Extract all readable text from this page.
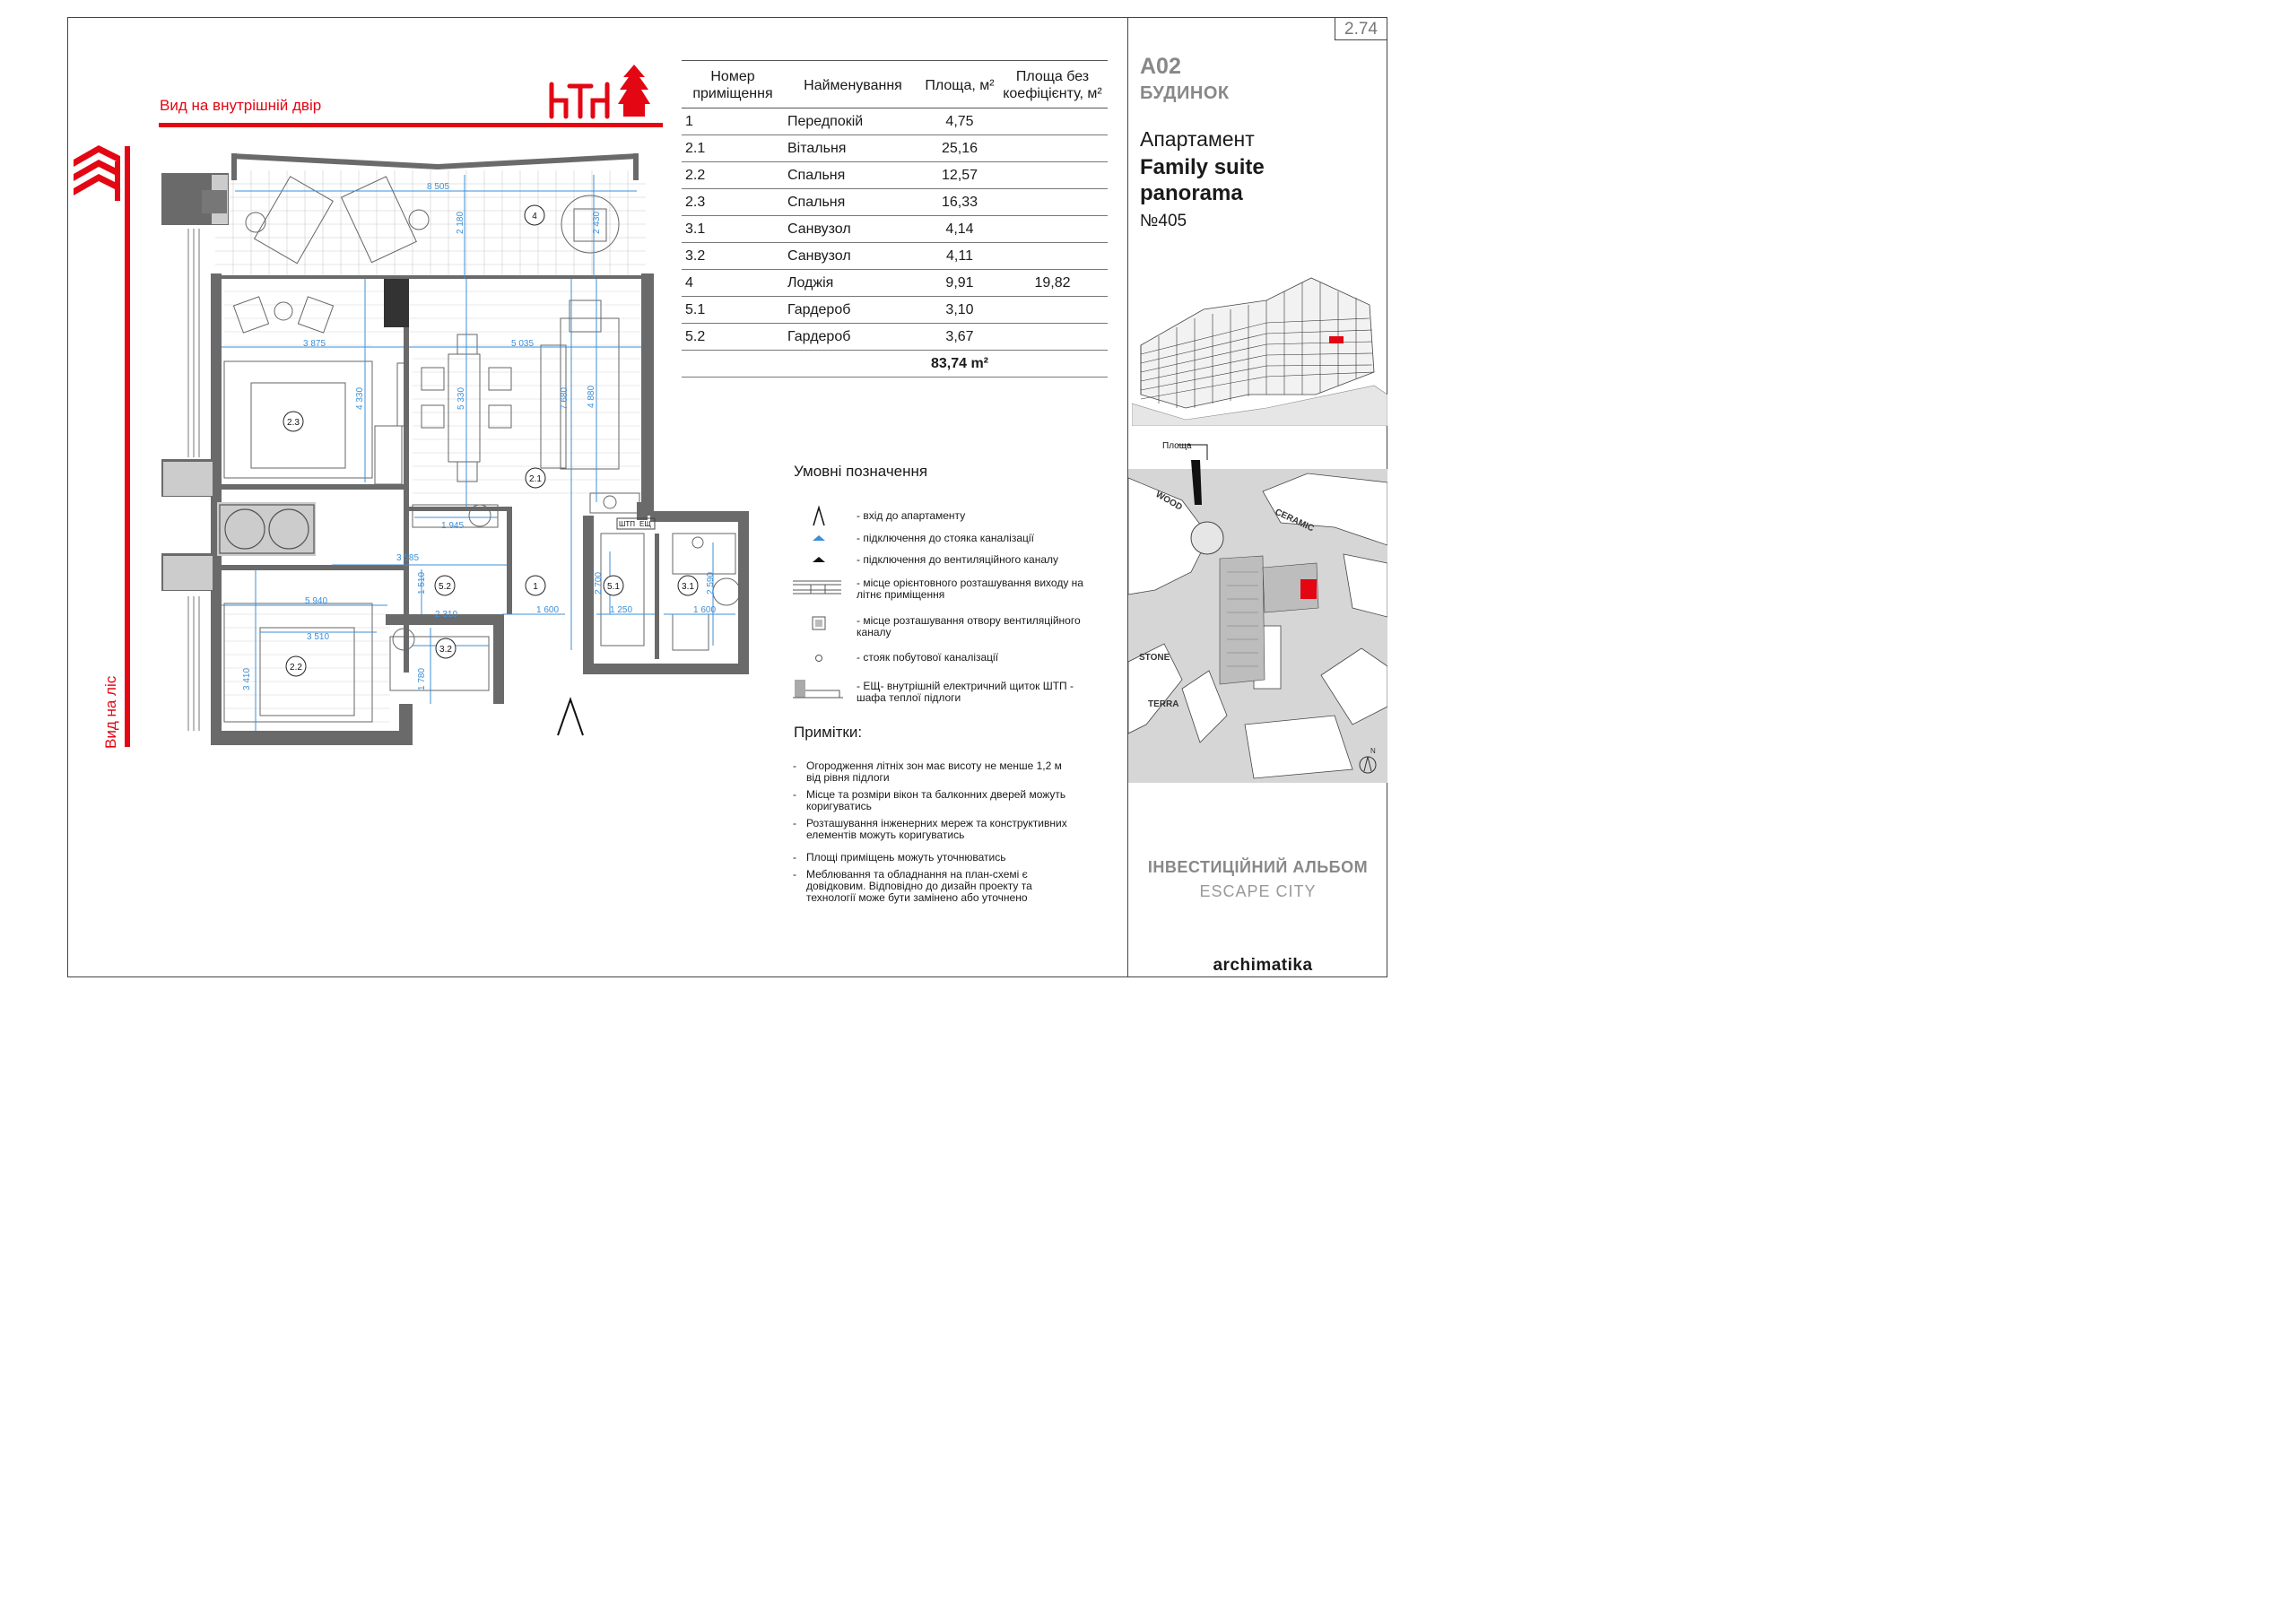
2.74
Вид на внутрішній двір
Вид на ліс
8 505
2 180	2 430
3 875	5 035
4 330	5 330	7 680 4 880
1 945
3 585
1 510	2 700	2 590
5 940
3 510
3 410
2 310
1 780
1 600	1 250	1 600
4
2.3
2.1
2.2
5.2	1	5.1	3.1
3.2
ШТП ЕЩ
Номер приміщення	Найменування	Площа, м²	Площа без коефіцієнту, м²
1	Передпокій	4,75	
2.1	Вітальня	25,16	
2.2	Спальня	12,57	
2.3	Спальня	16,33	
3.1	Санвузол	4,14	
3.2	Санвузол	4,11	
4	Лоджія	9,91	19,82
5.1	Гардероб	3,10	
5.2	Гардероб	3,67	
		83,74 m²	
Умовні позначення
- вхід до апартаменту
- підключення до стояка каналізації
- підключення до вентиляційного каналу
- місце орієнтовного розташування виходу на літнє приміщення
- місце розташування отвору вентиляційного каналу
- стояк побутової каналізації
- ЕЩ- внутрішній електричний щиток ШТП - шафа теплої підлоги
Примітки:
- Огородження літніх зон має висоту не менше 1,2 м від рівня підлоги
- Місце та розміри вікон та балконних дверей можуть коригуватись
- Розташування інженерних мереж та конструктивних елементів можуть коригуватись
- Площі приміщень можуть уточнюватись
- Меблювання та обладнання на план-схемі є довідковим. Відповідно до дизайн проекту та технології може бути замінено або уточнено
A02
БУДИНОК
Апартамент
Family suite
panorama
№405
Площа
WOOD
CERAMIC
STONE
TERRA
Готель"KASIMIR"	N
ІНВЕСТИЦІЙНИЙ АЛЬБОМ
ESCAPE CITY
archimatika
